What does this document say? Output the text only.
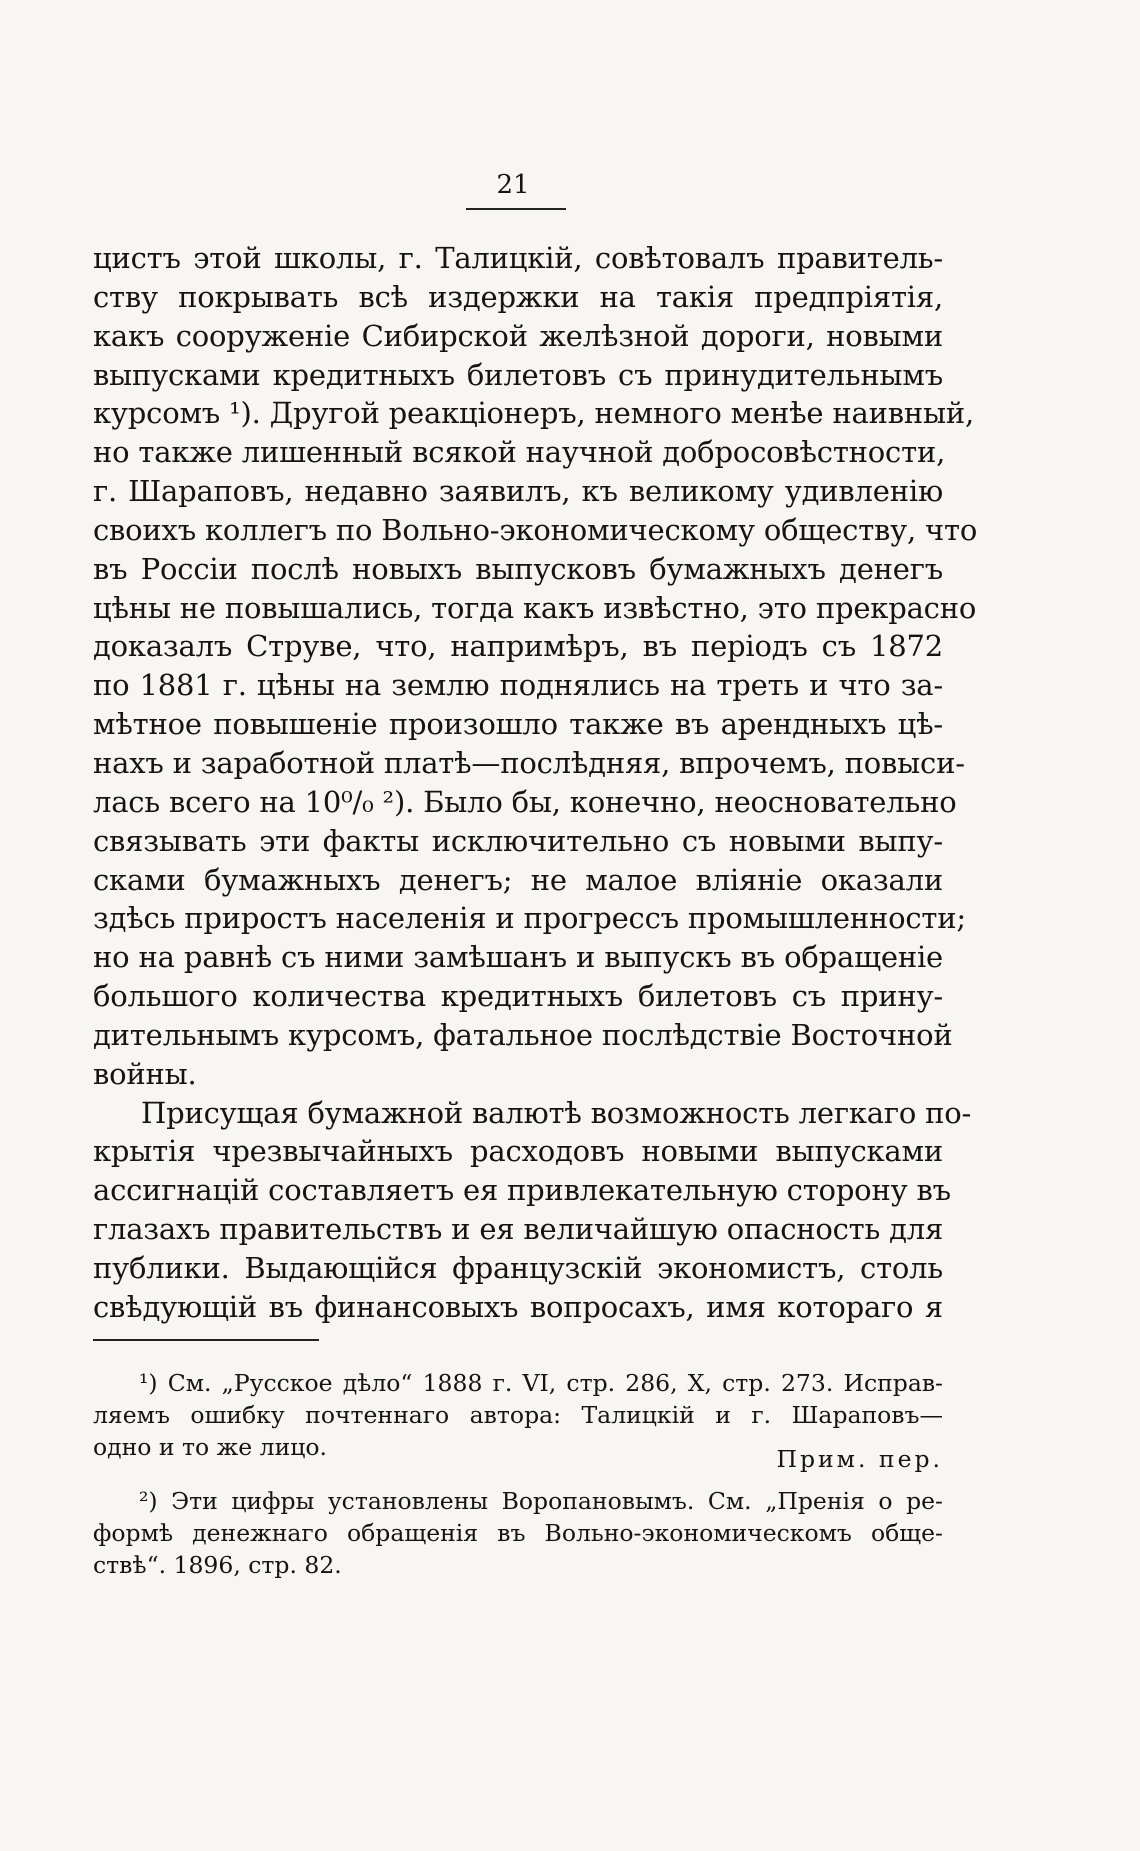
21
цистъ этой школы, г. Талицкій, совѣтовалъ правитель-
ству покрывать всѣ издержки на такія предпріятія,
какъ сооруженіе Сибирской желѣзной дороги, новыми
выпусками кредитныхъ билетовъ съ принудительнымъ
курсомъ ¹). Другой реакціонеръ, немного менѣе наивный,
но также лишенный всякой научной добросовѣстности,
г. Шараповъ, недавно заявилъ, къ великому удивленію
своихъ коллегъ по Вольно-экономическому обществу, что
въ Россіи послѣ новыхъ выпусковъ бумажныхъ денегъ
цѣны не повышались, тогда какъ извѣстно, это прекрасно
доказалъ Струве, что, напримѣръ, въ періодъ съ 1872
по 1881 г. цѣны на землю поднялись на треть и что за-
мѣтное повышеніе произошло также въ арендныхъ цѣ-
нахъ и заработной платѣ—послѣдняя, впрочемъ, повыси-
лась всего на 10⁰/₀ ²). Было бы, конечно, неосновательно
связывать эти факты исключительно съ новыми выпу-
сками бумажныхъ денегъ; не малое вліяніе оказали
здѣсь приростъ населенія и прогрессъ промышленности;
но на равнѣ съ ними замѣшанъ и выпускъ въ обращеніе
большого количества кредитныхъ билетовъ съ прину-
дительнымъ курсомъ, фатальное послѣдствіе Восточной
войны.
Присущая бумажной валютѣ возможность легкаго по-
крытія чрезвычайныхъ расходовъ новыми выпусками
ассигнацій составляетъ ея привлекательную сторону въ
глазахъ правительствъ и ея величайшую опасность для
публики. Выдающійся французскій экономистъ, столь
свѣдующій въ финансовыхъ вопросахъ, имя котораго я
¹) См. „Русское дѣло“ 1888 г. VI, стр. 286, X, стр. 273. Исправ-
ляемъ ошибку почтеннаго автора: Талицкій и г. Шараповъ—
одно и то же лицо.	Прим. пер.
²) Эти цифры установлены Воропановымъ. См. „Пренія о ре-
формѣ денежнаго обращенія въ Вольно-экономическомъ обще-
ствѣ“. 1896, стр. 82.
